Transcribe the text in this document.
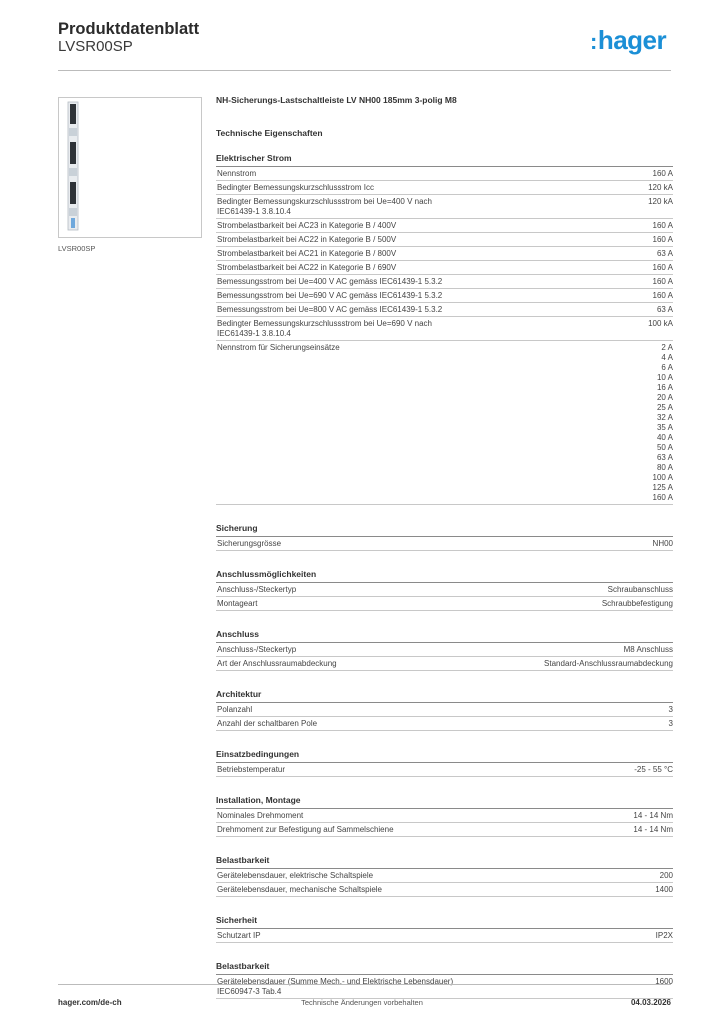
Produktdatenblatt
LVSR00SP	:hager
LVSR00SP
NH-Sicherungs-Lastschaltleiste LV NH00 185mm 3-polig M8
Technische Eigenschaften
Elektrischer Strom
Nennstrom	160 A
Bedingter Bemessungskurzschlussstrom Icc	120 kA
Bedingter Bemessungskurzschlussstrom bei Ue=400 V nach
IEC61439-1 3.8.10.4
120 kA
Strombelastbarkeit bei AC23 in Kategorie B / 400V	160 A
Strombelastbarkeit bei AC22 in Kategorie B / 500V	160 A
Strombelastbarkeit bei AC21 in Kategorie B / 800V	63 A
Strombelastbarkeit bei AC22 in Kategorie B / 690V	160 A
Bemessungsstrom bei Ue=400 V AC gemäss IEC61439-1 5.3.2	160 A
Bemessungsstrom bei Ue=690 V AC gemäss IEC61439-1 5.3.2	160 A
Bemessungsstrom bei Ue=800 V AC gemäss IEC61439-1 5.3.2	63 A
Bedingter Bemessungskurzschlussstrom bei Ue=690 V nach
IEC61439-1 3.8.10.4
100 kA
Nennstrom für Sicherungseinsätze	2 A
4 A
6 A
10 A
16 A
20 A
25 A
32 A
35 A
40 A
50 A
63 A
80 A
100 A
125 A
160 A
Sicherung
Sicherungsgrösse	NH00
Anschlussmöglichkeiten
Anschluss-/Steckertyp	Schraubanschluss
Montageart	Schraubbefestigung
Anschluss
Anschluss-/Steckertyp	M8 Anschluss
Art der Anschlussraumabdeckung	Standard-Anschlussraumabdeckung
Architektur
Polanzahl	3
Anzahl der schaltbaren Pole	3
Einsatzbedingungen
Betriebstemperatur	-25 - 55 °C
Installation, Montage
Nominales Drehmoment	14 - 14 Nm
Drehmoment zur Befestigung auf Sammelschiene	14 - 14 Nm
Belastbarkeit
Gerätelebensdauer, elektrische Schaltspiele	200
Gerätelebensdauer, mechanische Schaltspiele	1400
Sicherheit
Schutzart IP	IP2X
Belastbarkeit
Gerätelebensdauer (Summe Mech.- und Elektrische Lebensdauer)
IEC60947-3 Tab.4
1600
hager.com/de-ch	Technische Änderungen vorbehalten	04.03.2026
